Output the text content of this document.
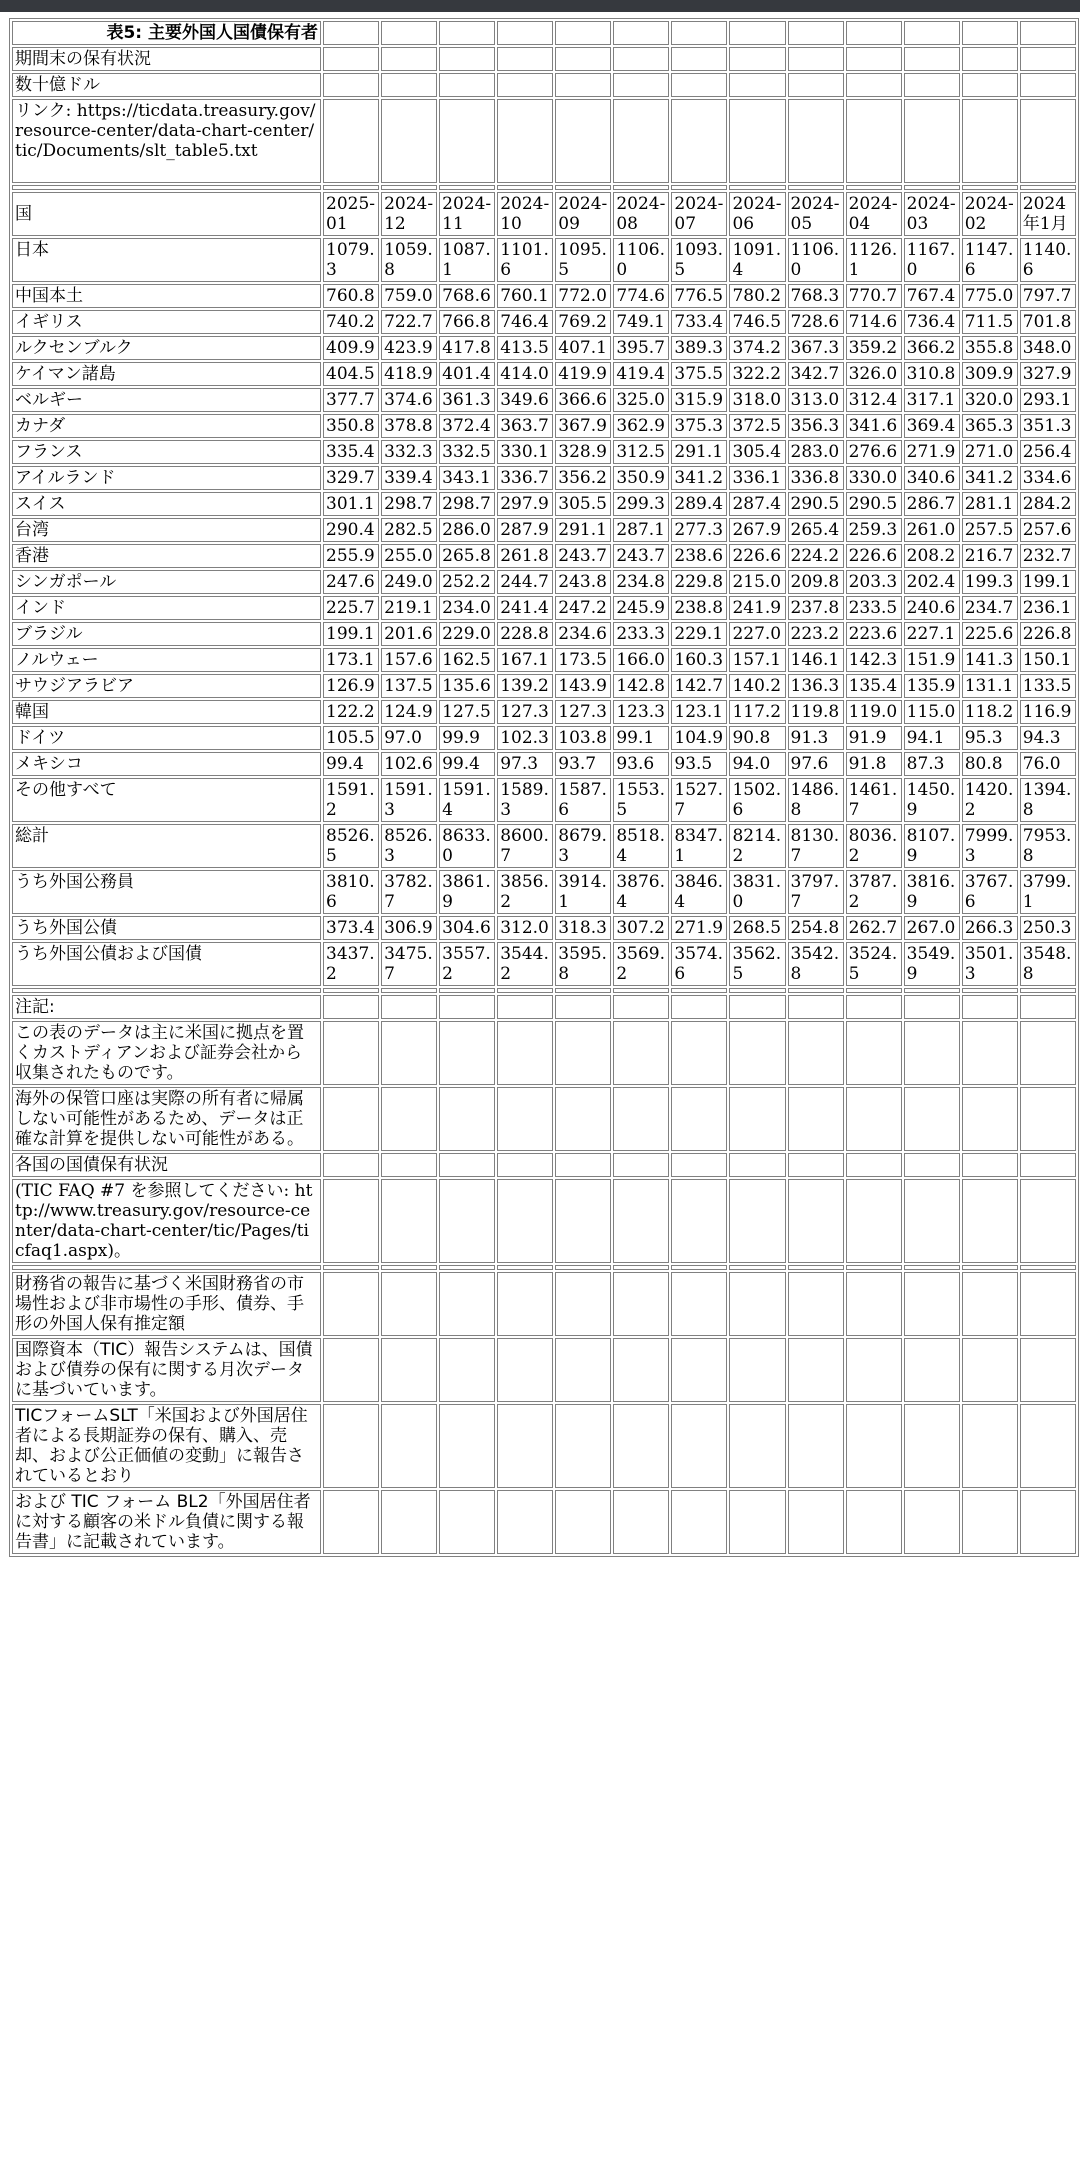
表5: 主要外国人国債保有者													
期間末の保有状況													
数十億ドル													
リンク: https://ticdata.treasury.gov/resource-center/data-chart-center/tic/Documents/slt_table5.txt													

国	2025-01	2024-12	2024-11	2024-10	2024-09	2024-08	2024-07	2024-06	2024-05	2024-04	2024-03	2024-02	2024年1月
日本	1079.3	1059.8	1087.1	1101.6	1095.5	1106.0	1093.5	1091.4	1106.0	1126.1	1167.0	1147.6	1140.6
中国本土	760.8	759.0	768.6	760.1	772.0	774.6	776.5	780.2	768.3	770.7	767.4	775.0	797.7
イギリス	740.2	722.7	766.8	746.4	769.2	749.1	733.4	746.5	728.6	714.6	736.4	711.5	701.8
ルクセンブルク	409.9	423.9	417.8	413.5	407.1	395.7	389.3	374.2	367.3	359.2	366.2	355.8	348.0
ケイマン諸島	404.5	418.9	401.4	414.0	419.9	419.4	375.5	322.2	342.7	326.0	310.8	309.9	327.9
ベルギー	377.7	374.6	361.3	349.6	366.6	325.0	315.9	318.0	313.0	312.4	317.1	320.0	293.1
カナダ	350.8	378.8	372.4	363.7	367.9	362.9	375.3	372.5	356.3	341.6	369.4	365.3	351.3
フランス	335.4	332.3	332.5	330.1	328.9	312.5	291.1	305.4	283.0	276.6	271.9	271.0	256.4
アイルランド	329.7	339.4	343.1	336.7	356.2	350.9	341.2	336.1	336.8	330.0	340.6	341.2	334.6
スイス	301.1	298.7	298.7	297.9	305.5	299.3	289.4	287.4	290.5	290.5	286.7	281.1	284.2
台湾	290.4	282.5	286.0	287.9	291.1	287.1	277.3	267.9	265.4	259.3	261.0	257.5	257.6
香港	255.9	255.0	265.8	261.8	243.7	243.7	238.6	226.6	224.2	226.6	208.2	216.7	232.7
シンガポール	247.6	249.0	252.2	244.7	243.8	234.8	229.8	215.0	209.8	203.3	202.4	199.3	199.1
インド	225.7	219.1	234.0	241.4	247.2	245.9	238.8	241.9	237.8	233.5	240.6	234.7	236.1
ブラジル	199.1	201.6	229.0	228.8	234.6	233.3	229.1	227.0	223.2	223.6	227.1	225.6	226.8
ノルウェー	173.1	157.6	162.5	167.1	173.5	166.0	160.3	157.1	146.1	142.3	151.9	141.3	150.1
サウジアラビア	126.9	137.5	135.6	139.2	143.9	142.8	142.7	140.2	136.3	135.4	135.9	131.1	133.5
韓国	122.2	124.9	127.5	127.3	127.3	123.3	123.1	117.2	119.8	119.0	115.0	118.2	116.9
ドイツ	105.5	97.0	99.9	102.3	103.8	99.1	104.9	90.8	91.3	91.9	94.1	95.3	94.3
メキシコ	99.4	102.6	99.4	97.3	93.7	93.6	93.5	94.0	97.6	91.8	87.3	80.8	76.0
その他すべて	1591.2	1591.3	1591.4	1589.3	1587.6	1553.5	1527.7	1502.6	1486.8	1461.7	1450.9	1420.2	1394.8
総計	8526.5	8526.3	8633.0	8600.7	8679.3	8518.4	8347.1	8214.2	8130.7	8036.2	8107.9	7999.3	7953.8
うち外国公務員	3810.6	3782.7	3861.9	3856.2	3914.1	3876.4	3846.4	3831.0	3797.7	3787.2	3816.9	3767.6	3799.1
うち外国公債	373.4	306.9	304.6	312.0	318.3	307.2	271.9	268.5	254.8	262.7	267.0	266.3	250.3
うち外国公債および国債	3437.2	3475.7	3557.2	3544.2	3595.8	3569.2	3574.6	3562.5	3542.8	3524.5	3549.9	3501.3	3548.8

注記:													
この表のデータは主に米国に拠点を置くカストディアンおよび証券会社から収集されたものです。													
海外の保管口座は実際の所有者に帰属しない可能性があるため、データは正確な計算を提供しない可能性がある。													
各国の国債保有状況													
(TIC FAQ #7 を参照してください: http://www.treasury.gov/resource-center/data-chart-center/tic/Pages/ticfaq1.aspx)。													

財務省の報告に基づく米国財務省の市場性および非市場性の手形、債券、手形の外国人保有推定額													
国際資本（TIC）報告システムは、国債および債券の保有に関する月次データに基づいています。													
TICフォームSLT「米国および外国居住者による長期証券の保有、購入、売却、および公正価値の変動」に報告されているとおり													
および TIC フォーム BL2「外国居住者に対する顧客の米ドル負債に関する報告書」に記載されています。													
